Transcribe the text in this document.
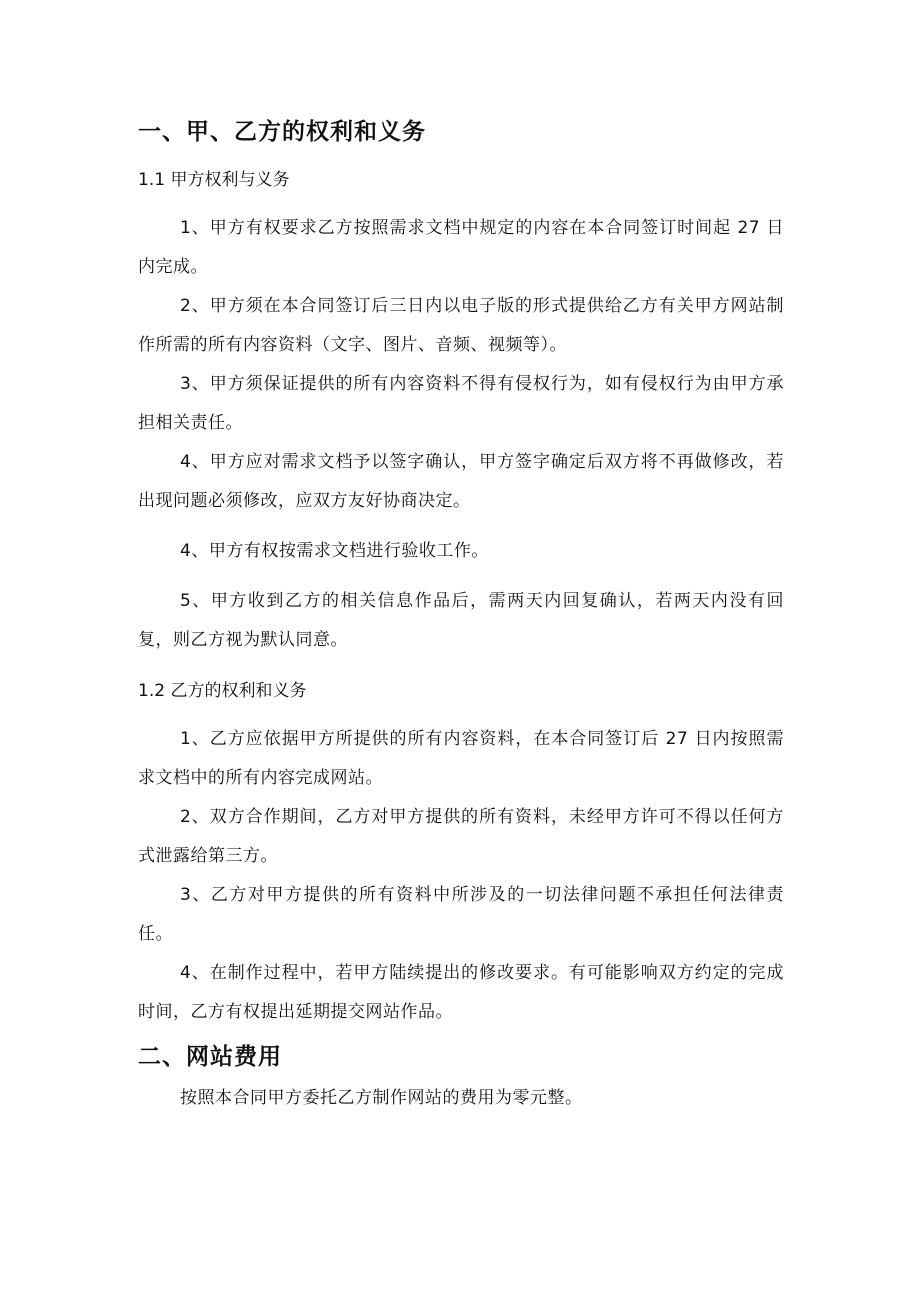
一、甲、乙方的权利和义务
1.1 甲方权利与义务
1、甲方有权要求乙方按照需求文档中规定的内容在本合同签订时间起 27 日内完成。
2、甲方须在本合同签订后三日内以电子版的形式提供给乙方有关甲方网站制作所需的所有内容资料（文字、图片、音频、视频等）。
3、甲方须保证提供的所有内容资料不得有侵权行为，如有侵权行为由甲方承担相关责任。
4、甲方应对需求文档予以签字确认，甲方签字确定后双方将不再做修改，若出现问题必须修改，应双方友好协商决定。
4、甲方有权按需求文档进行验收工作。
5、甲方收到乙方的相关信息作品后，需两天内回复确认，若两天内没有回复，则乙方视为默认同意。
1.2 乙方的权利和义务
1、乙方应依据甲方所提供的所有内容资料，在本合同签订后 27 日内按照需求文档中的所有内容完成网站。
2、双方合作期间，乙方对甲方提供的所有资料，未经甲方许可不得以任何方式泄露给第三方。
3、乙方对甲方提供的所有资料中所涉及的一切法律问题不承担任何法律责任。
4、在制作过程中，若甲方陆续提出的修改要求。有可能影响双方约定的完成时间，乙方有权提出延期提交网站作品。
二、网站费用
按照本合同甲方委托乙方制作网站的费用为零元整。
